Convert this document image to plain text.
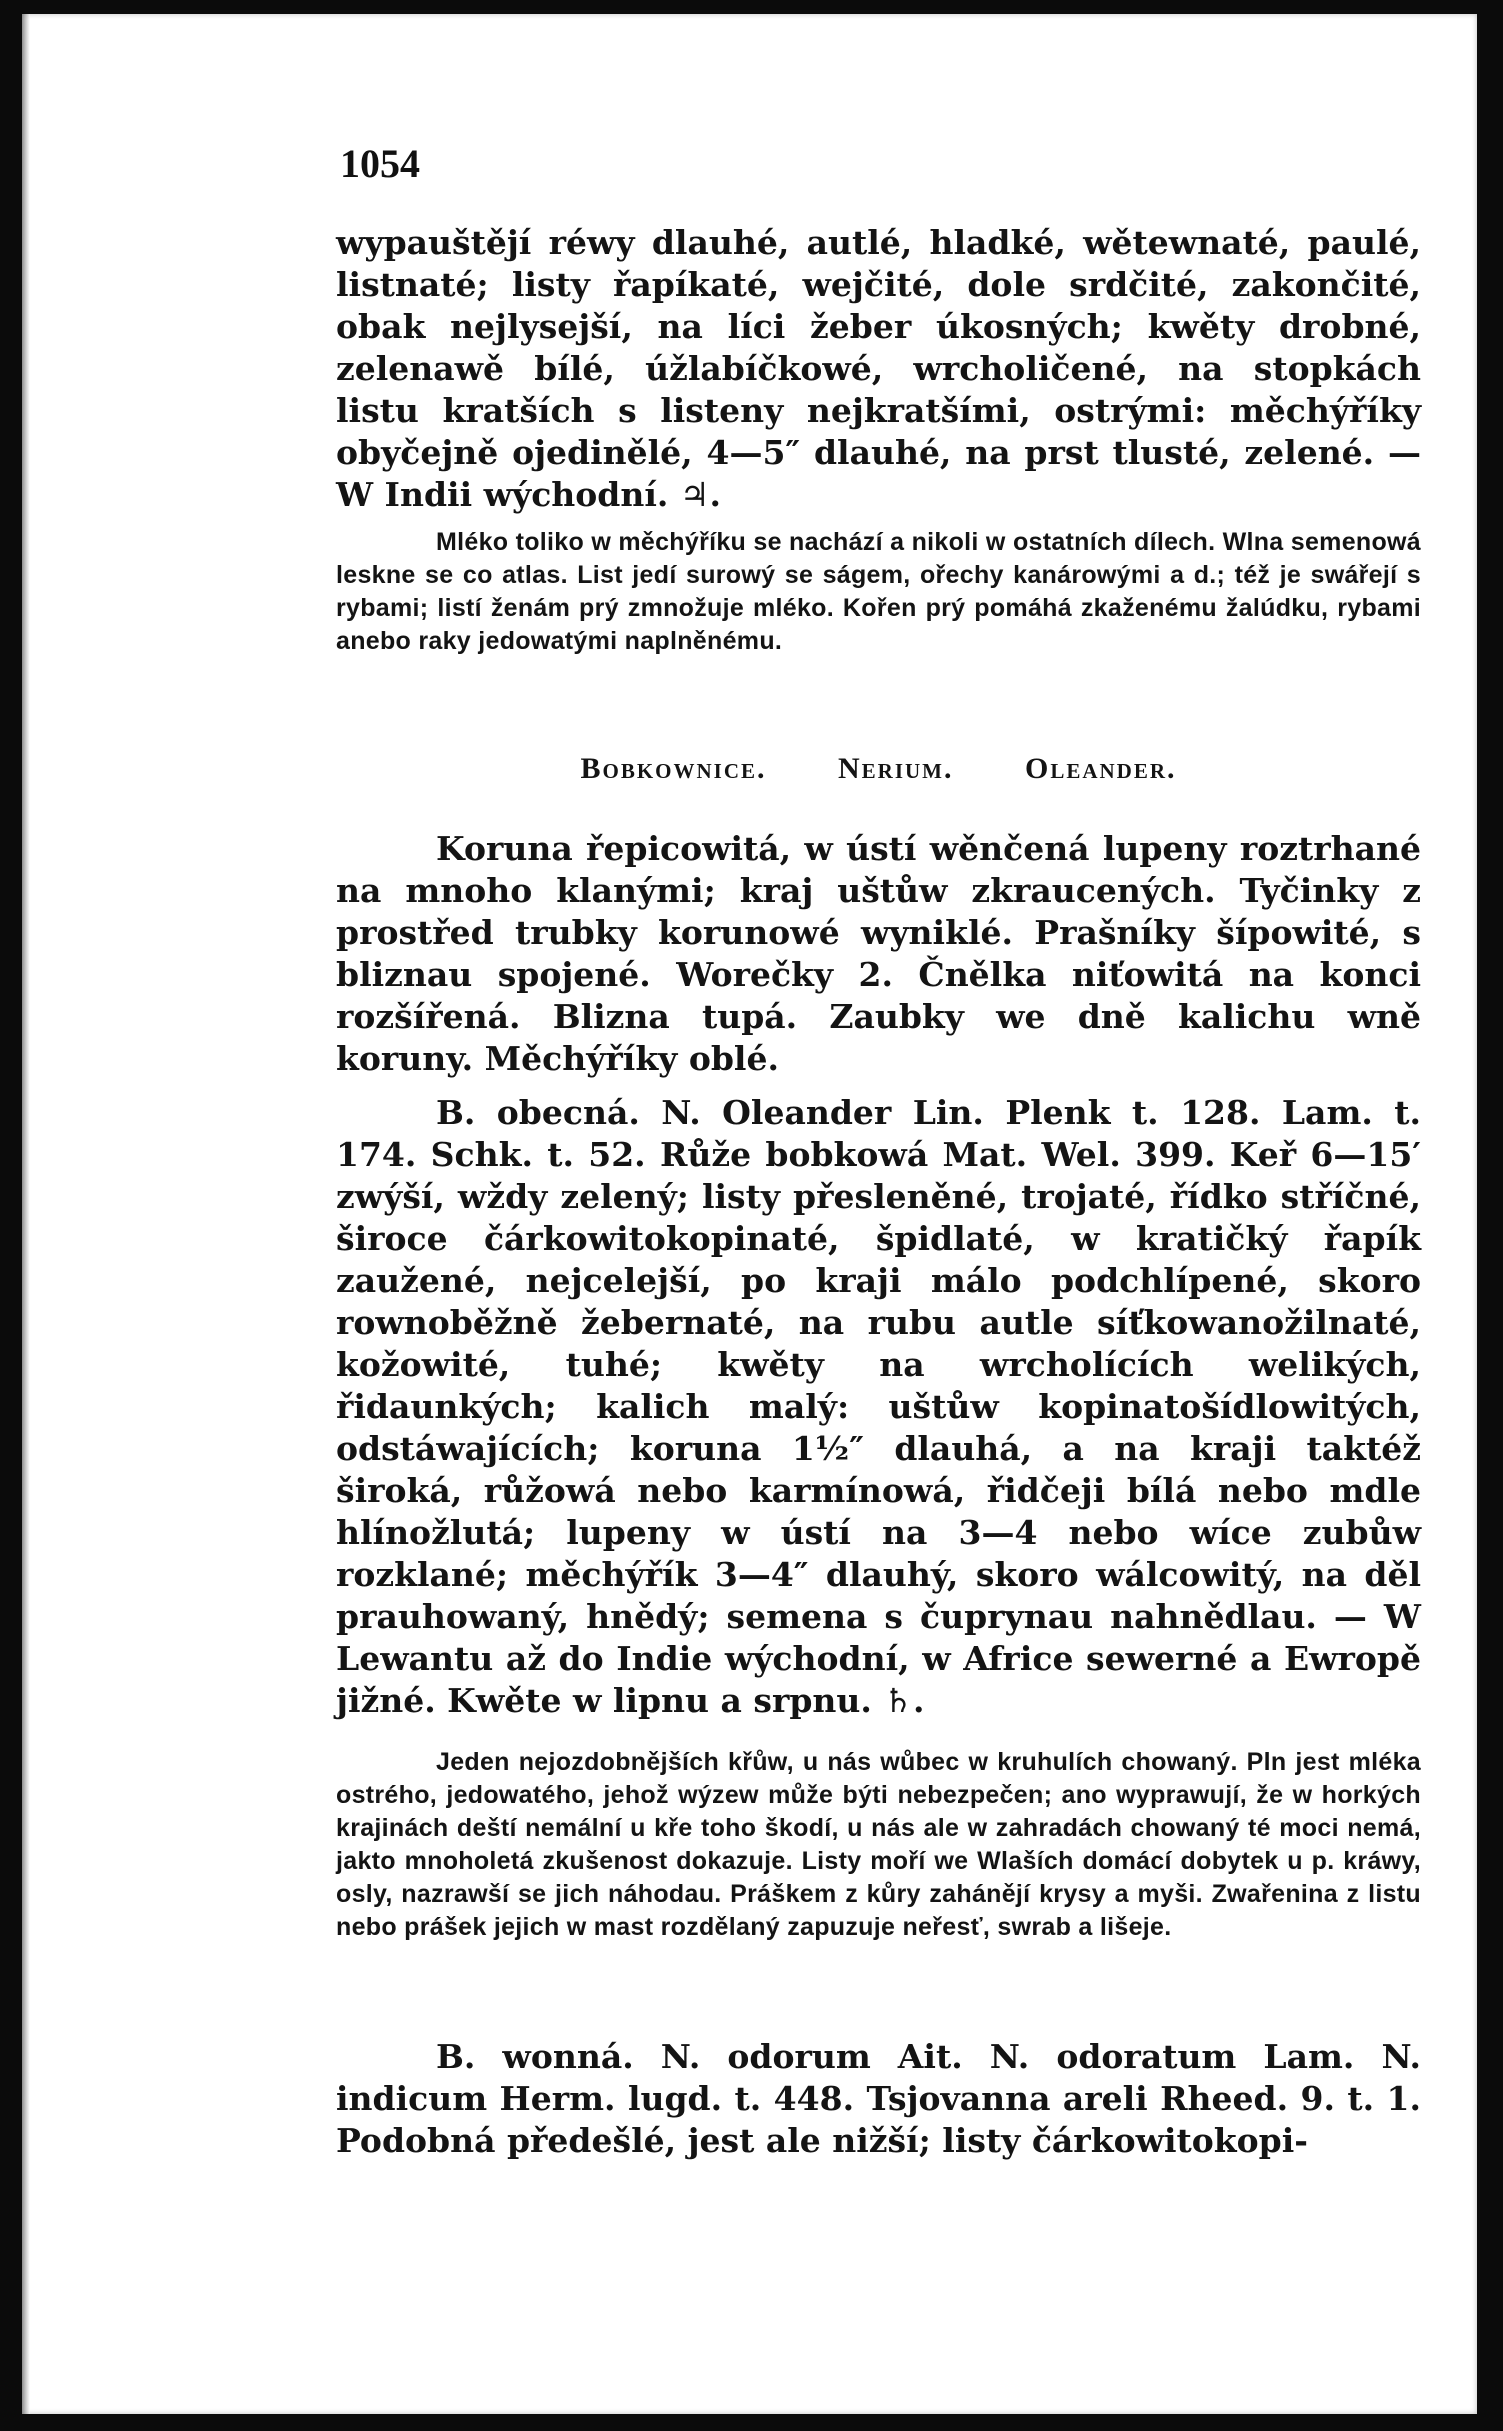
1054

wypauštějí réwy dlauhé, autlé, hladké, wětewnaté, paulé, listnaté; listy řapíkaté, wejčité, dole srdčité, zakončité, obak nejlysejší, na líci žeber úkosných; kwěty drobné, zelenawě bílé, úžlabíčkowé, wrcholičené, na stopkách listu kratších s listeny nejkratšími, ostrými: měchýříky obyčejně ojedinělé, 4—5″ dlauhé, na prst tlusté, zelené. — W Indii wýchodní. ♃.

Mléko toliko w měchýříku se nachází a nikoli w ostatních dílech. Wlna semenowá leskne se co atlas. List jedí surowý se ságem, ořechy kanárowými a d.; též je swářejí s rybami; listí ženám prý zmnožuje mléko. Kořen prý pomáhá zkaženému žalúdku, rybami anebo raky jedowatými naplněnému.

Bobkownice. Nerium. Oleander.

Koruna řepicowitá, w ústí wěnčená lupeny roztrhané na mnoho klanými; kraj uštůw zkraucených. Tyčinky z prostřed trubky korunowé wyniklé. Prašníky šípowité, s bliznau spojené. Worečky 2. Čnělka niťowitá na konci rozšířená. Blizna tupá. Zaubky we dně kalichu wně koruny. Měchýříky oblé.

B. obecná. N. Oleander Lin. Plenk t. 128. Lam. t. 174. Schk. t. 52. Růže bobkowá Mat. Wel. 399. Keř 6—15′ zwýší, wždy zelený; listy přesleněné, trojaté, řídko stříčné, široce čárkowitokopinaté, špidlaté, w kratičký řapík zaužené, nejcelejší, po kraji málo podchlípené, skoro rownoběžně žebernaté, na rubu autle síťkowanožilnaté, kožowité, tuhé; kwěty na wrcholících welikých, řidaunkých; kalich malý: uštůw kopinatošídlowitých, odstáwajících; koruna 1½″ dlauhá, a na kraji taktéž široká, růžowá nebo karmínowá, řidčeji bílá nebo mdle hlínožlutá; lupeny w ústí na 3—4 nebo wíce zubůw rozklané; měchýřík 3—4″ dlauhý, skoro wálcowitý, na děl prauhowaný, hnědý; semena s čuprynau nahnědlau. — W Lewantu až do Indie wýchodní, w Africe sewerné a Ewropě jižné. Kwěte w lipnu a srpnu. ♄.

Jeden nejozdobnějších křůw, u nás wůbec w kruhulích chowaný. Pln jest mléka ostrého, jedowatého, jehož wýzew může býti nebezpečen; ano wyprawují, že w horkých krajinách deští nemální u kře toho škodí, u nás ale w zahradách chowaný té moci nemá, jakto mnoholetá zkušenost dokazuje. Listy moří we Wlaších domácí dobytek u p. kráwy, osly, nazrawší se jich náhodau. Práškem z kůry zahánějí krysy a myši. Zwařenina z listu nebo prášek jejich w mast rozdělaný zapuzuje neřesť, swrab a lišeje.

B. wonná. N. odorum Ait. N. odoratum Lam. N. indicum Herm. lugd. t. 448. Tsjovanna areli Rheed. 9. t. 1. Podobná předešlé, jest ale nižší; listy čárkowitokopi-
